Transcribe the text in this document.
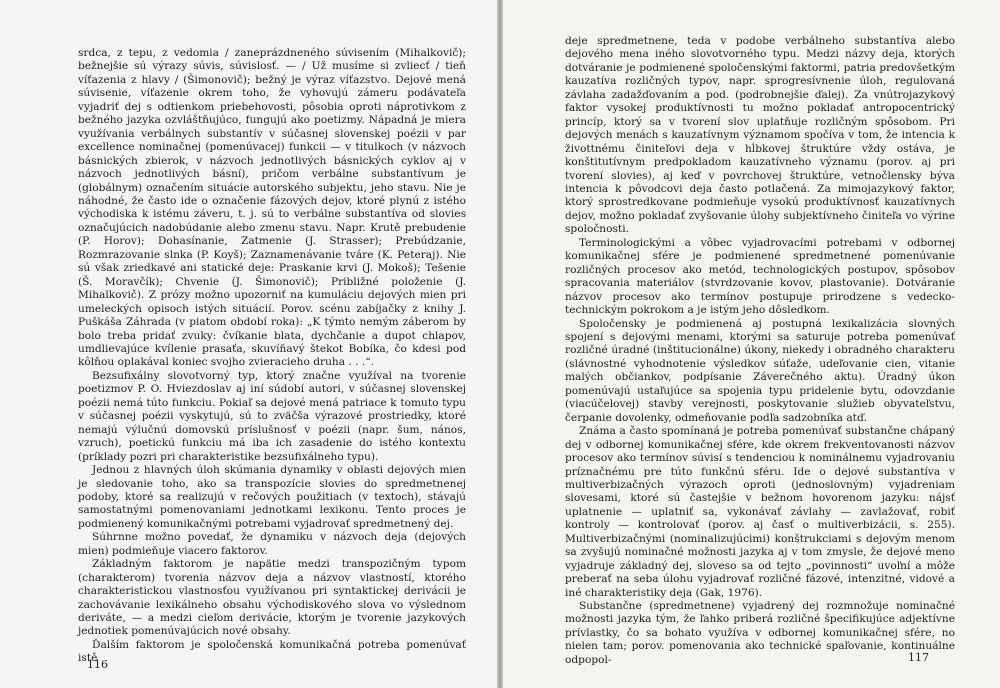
srdca, z tepu, z vedomia / zaneprázdneného súvisením (Mihalkovič); bežnejšie sú výrazy súvis, súvislosť. — / Už musíme si zvliecť / tieň víťazenia z hlavy / (Šimonovič); bežný je výraz víťazstvo. Dejové mená súvisenie, víťazenie okrem toho, že vyhovujú zámeru podávateľa vyjadriť dej s odtienkom priebehovosti, pôsobia oproti náprotivkom z bežného jazyka ozvláštňujúco, fungujú ako poetizmy. Nápadná je miera využívania verbálnych substantív v súčasnej slovenskej poézii v par excellence nominačnej (pomenúvacej) funkcii — v titulkoch (v názvoch básnických zbierok, v názvoch jednotlivých básnických cyklov aj v názvoch jednotlivých básní), pričom verbálne substantívum je (globálnym) označením situácie autorského subjektu, jeho stavu. Nie je náhodné, že často ide o označenie fázových dejov, ktoré plynú z istého východiska k istému záveru, t. j. sú to verbálne substantíva od slovies označujúcich nadobúdanie alebo zmenu stavu. Napr. Krutě prebudenie (P. Horov); Dohasínanie, Zatmenie (J. Strasser); Prebúdzanie, Rozmrazovanie slnka (P. Koyš); Zaznamenávanie tváre (K. Peteraj). Nie sú však zriedkavé ani statické deje: Praskanie krvi (J. Mokoš); Tešenie (Š. Moravčík); Chvenie (J. Šimonovič); Približné položenie (J. Mihalkovič). Z prózy možno upozorniť na kumuláciu dejových mien pri umeleckých opisoch istých situácií. Porov. scénu zabíjačky z knihy J. Puškáša Záhrada (v piatom období roka): „K týmto nemým záberom by bolo treba pridať zvuky: čvíkanie blata, dychčanie a dupot chlapov, umdlievajúce kvílenie prasaťa, skuvíňavý štekot Bobíka, čo kdesi pod kôlňou oplakával koniec svojho zvieracieho druha . . .“.

Bezsufixálny slovotvorný typ, ktorý značne využíval na tvorenie poetizmov P. O. Hviezdoslav aj iní súdobí autori, v súčasnej slovenskej poézii nemá túto funkciu. Pokiaľ sa dejové mená patriace k tomuto typu v súčasnej poézii vyskytujú, sú to zväčša výrazové prostriedky, ktoré nemajú výlučnú domovskú príslušnosť v poézii (napr. šum, nános, vzruch), poetickú funkciu má iba ich zasadenie do istého kontextu (príklady pozri pri charakteristike bezsufixálneho typu).

Jednou z hlavných úloh skúmania dynamiky v oblasti dejových mien je sledovanie toho, ako sa transpozície slovies do spredmetnenej podoby, ktoré sa realizujú v rečových použitiach (v textoch), stávajú samostatnými pomenovaniami jednotkami lexikonu. Tento proces je podmienený komunikačnými potrebami vyjadrovať spredmetnený dej.

Súhrnne možno povedať, že dynamiku v názvoch deja (dejových mien) podmieňuje viacero faktorov.

Základným faktorom je napätie medzi transpozičným typom (charakterom) tvorenia názvov deja a názvov vlastností, ktorého charakteristickou vlastnosťou využívanou pri syntaktickej derivácii je zachovávanie lexikálneho obsahu východiskového slova vo výslednom deriváte, — a medzi cieľom derivácie, ktorým je tvorenie jazykových jednotiek pomenúvajúcich nové obsahy.

Ďalším faktorom je spoločenská komunikačná potreba pomenúvať istě

116

deje spredmetnene, teda v podobe verbálneho substantíva alebo dejového mena iného slovotvorného typu. Medzi názvy deja, ktorých dotváranie je podmienené spoločenskými faktormi, patria predovšetkým kauzatíva rozličných typov, napr. sprogresívnenie úloh, regulovaná závlaha zadažďovaním a pod. (podrobnejšie ďalej). Za vnútrojazykový faktor vysokej produktívnosti tu možno pokladať antropocentrický princíp, ktorý sa v tvorení slov uplatňuje rozličným spôsobom. Pri dejových menách s kauzatívnym významom spočíva v tom, že intencia k živottnému činiteľovi deja v hĺbkovej štruktúre vždy ostáva, je konštitutívnym predpokladom kauzatívneho významu (porov. aj pri tvorení slovies), aj keď v povrchovej štruktúre, vetnočlensky býva intencia k pôvodcovi deja často potlačená. Za mimojazykový faktor, ktorý sprostredkovane podmieňuje vysokú produktívnosť kauzatívnych dejov, možno pokladať zvyšovanie úlohy subjektívneho činiteľa vo výrine spoločnosti.

Terminologickými a vôbec vyjadrovacími potrebami v odbornej komunikačnej sfére je podmienené spredmetnené pomenúvanie rozličných procesov ako metód, technologických postupov, spôsobov spracovania materiálov (stvrdzovanie kovov, plastovanie). Dotváranie názvov procesov ako termínov postupuje prirodzene s vedecko-technickým pokrokom a je istým jeho dôsledkom.

Spoločensky je podmienená aj postupná lexikalizácia slovných spojení s dejovými menami, ktorými sa saturuje potreba pomenúvať rozličné úradné (inštitucionálne) úkony, niekedy i obradného charakteru (slávnostné vyhodnotenie výsledkov súťaže, udeľovanie cien, vitanie malých občiankov, podpísanie Záverečného aktu). Úradný úkon pomenúvajú ustaľujúce sa spojenia typu pridelenie bytu, odovzdanie (viacúčelovej) stavby verejnosti, poskytovanie služieb obyvateľstvu, čerpanie dovolenky, odmeňovanie podľa sadzobníka atď.

Známa a často spomínaná je potreba pomenúvať substančne chápaný dej v odbornej komunikačnej sfére, kde okrem frekventovanosti názvov procesov ako termínov súvisí s tendenciou k nominálnemu vyjadrovaniu príznačnému pre túto funkčnú sféru. Ide o dejové substantíva v multiverbizačných výrazoch oproti (jednoslovným) vyjadreniam slovesami, ktoré sú častejšie v bežnom hovorenom jazyku: nájsť uplatnenie — uplatniť sa, vykonávať závlahy — zavlažovať, robiť kontroly — kontrolovať (porov. aj časť o multiverbizácii, s. 255). Multiverbizačnými (nominalizujúcimi) konštrukciami s dejovým menom sa zvyšujú nominačné možnosti jazyka aj v tom zmysle, že dejové meno vyjadruje základný dej, sloveso sa od tejto „povinnosti“ uvoľní a môže preberať na seba úlohu vyjadrovať rozličné fázové, intenzitné, vidové a iné charakteristiky deja (Gak, 1976).

Substančne (spredmetnene) vyjadrený dej rozmnožuje nominačné možnosti jazyka tým, že ľahko priberá rozličné špecifikujúce adjektívne prívlastky, čo sa bohato využíva v odbornej komunikačnej sfére, no nielen tam; porov. pomenovania ako technické spaľovanie, kontinuálne odpopol-	117
